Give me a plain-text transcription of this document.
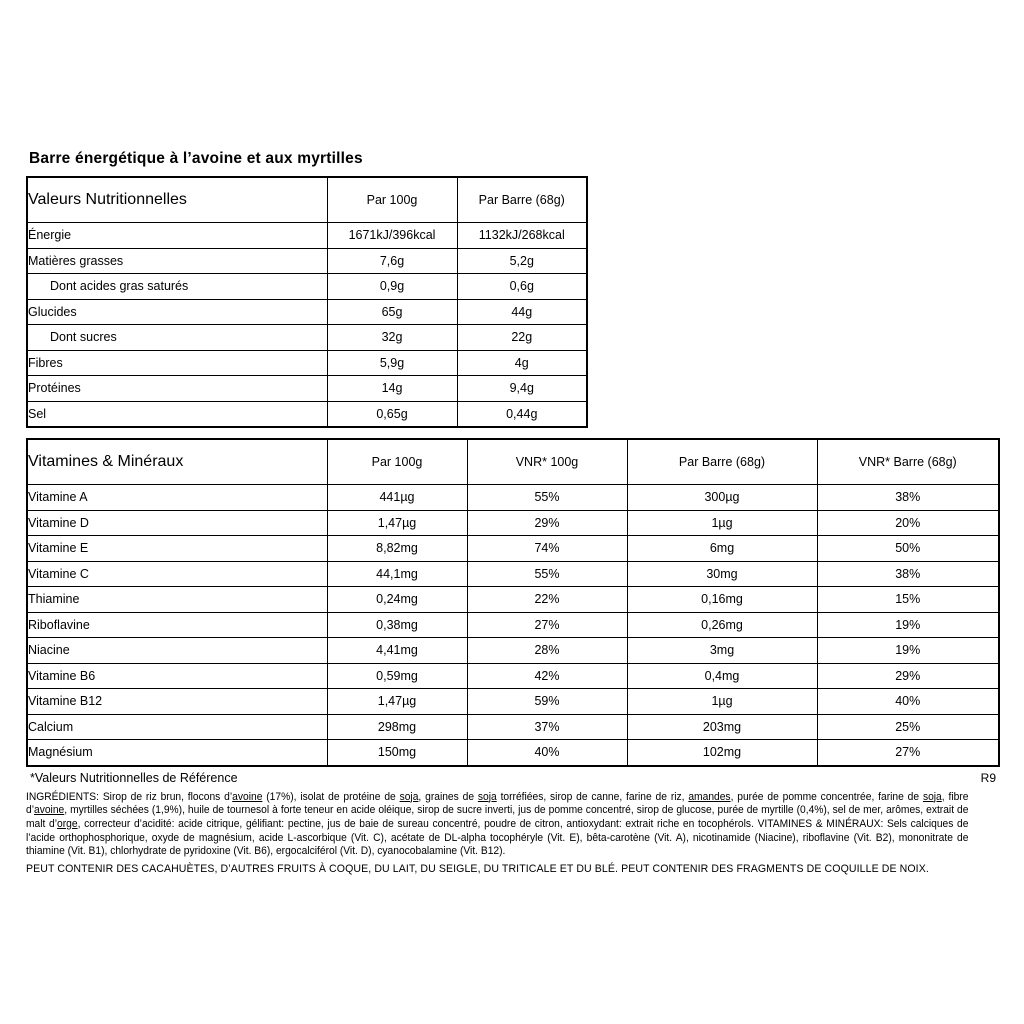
Barre énergétique à l’avoine et aux myrtilles
Valeurs Nutritionnelles	Par 100g	Par Barre (68g)
Énergie	1671kJ/396kcal	1132kJ/268kcal
Matières grasses	7,6g	5,2g
Dont acides gras saturés	0,9g	0,6g
Glucides	65g	44g
Dont sucres	32g	22g
Fibres	5,9g	4g
Protéines	14g	9,4g
Sel	0,65g	0,44g
Vitamines & Minéraux	Par 100g	VNR* 100g	Par Barre (68g)	VNR* Barre (68g)
Vitamine A	441µg	55%	300µg	38%
Vitamine D	1,47µg	29%	1µg	20%
Vitamine E	8,82mg	74%	6mg	50%
Vitamine C	44,1mg	55%	30mg	38%
Thiamine	0,24mg	22%	0,16mg	15%
Riboflavine	0,38mg	27%	0,26mg	19%
Niacine	4,41mg	28%	3mg	19%
Vitamine B6	0,59mg	42%	0,4mg	29%
Vitamine B12	1,47µg	59%	1µg	40%
Calcium	298mg	37%	203mg	25%
Magnésium	150mg	40%	102mg	27%
*Valeurs Nutritionnelles de Référence	R9
INGRÉDIENTS: Sirop de riz brun, flocons d’avoine (17%), isolat de protéine de soja, graines de soja torréfiées, sirop de canne, farine de riz, amandes, purée de pomme concentrée, farine de soja, fibre d’avoine, myrtilles séchées (1,9%), huile de tournesol à forte teneur en acide oléique, sirop de sucre inverti, jus de pomme concentré, sirop de glucose, purée de myrtille (0,4%), sel de mer, arômes, extrait de malt d’orge, correcteur d’acidité: acide citrique, gélifiant: pectine, jus de baie de sureau concentré, poudre de citron, antioxydant: extrait riche en tocophérols. VITAMINES & MINÉRAUX: Sels calciques de l’acide orthophosphorique, oxyde de magnésium, acide L-ascorbique (Vit. C), acétate de DL-alpha tocophéryle (Vit. E), bêta-carotène (Vit. A), nicotinamide (Niacine), riboflavine (Vit. B2), mononitrate de thiamine (Vit. B1), chlorhydrate de pyridoxine (Vit. B6), ergocalciférol (Vit. D), cyanocobalamine (Vit. B12).
PEUT CONTENIR DES CACAHUÈTES, D’AUTRES FRUITS À COQUE, DU LAIT, DU SEIGLE, DU TRITICALE ET DU BLÉ. PEUT CONTENIR DES FRAGMENTS DE COQUILLE DE NOIX.
